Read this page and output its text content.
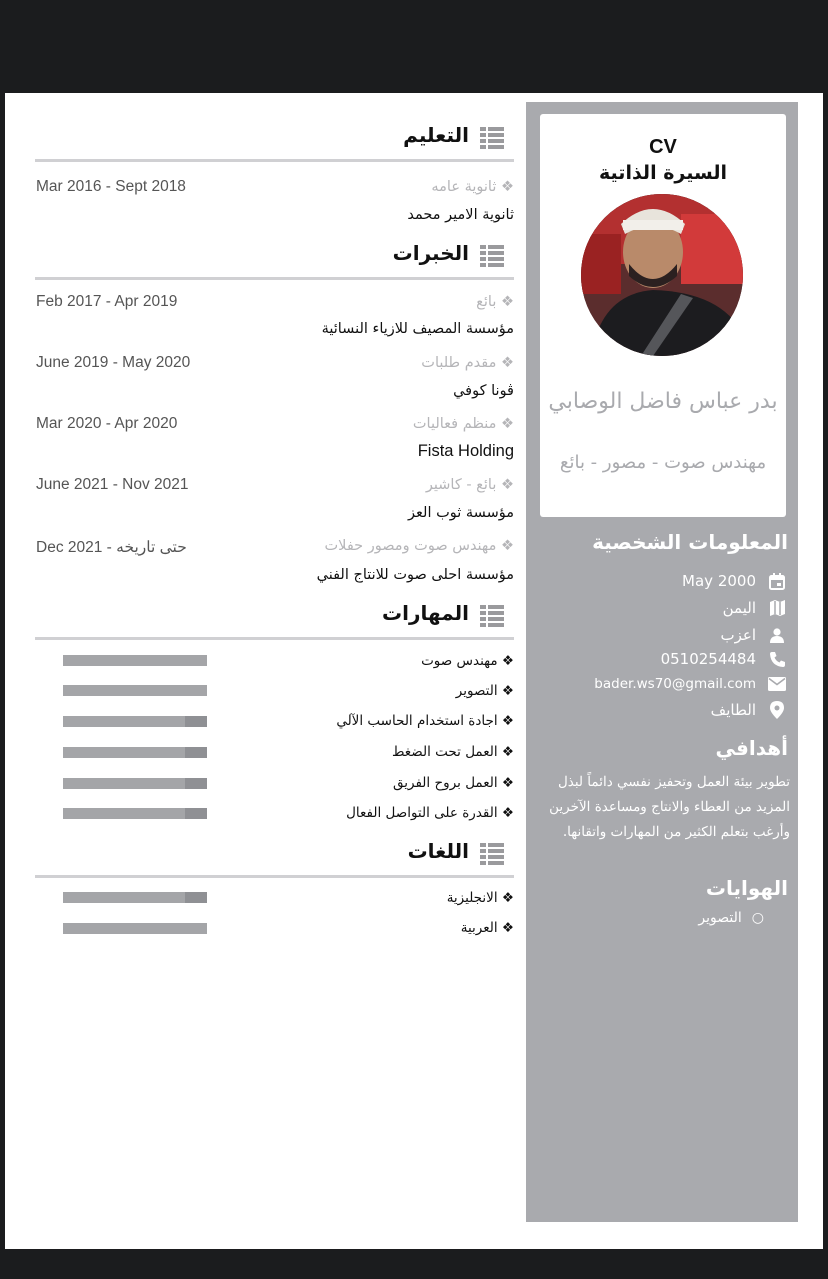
CV
السيرة الذاتية
بدر عباس فاضل الوصابي
مهندس صوت - مصور - بائع
المعلومات الشخصية
May 2000
اليمن
اعزب
0510254484
bader.ws70@gmail.com
الطايف
أهدافي
تطوير بيئة العمل وتحفيز نفسي دائماً لبذل المزيد من العطاء والانتاج ومساعدة الآخرين وأرغب بتعلم الكثير من المهارات واتقانها.
الهوايات
○
التصوير
التعليم
Mar 2016 - Sept 2018	❖ ثانوية عامه
ثانوية الامير محمد
الخبرات
Feb 2017 - Apr 2019	❖ بائع
مؤسسة المصيف للازياء النسائية
June 2019 - May 2020	❖ مقدم طلبات
ڤونا كوفي
Mar 2020 - Apr 2020	❖ منظم فعاليات
Fista Holding
June 2021 - Nov 2021	❖ بائع - كاشير
مؤسسة ثوب العز
Dec 2021 - حتى تاريخه	❖ مهندس صوت ومصور حفلات
مؤسسة احلى صوت للانتاج الفني
المهارات
❖ مهندس صوت
❖ التصوير
❖ اجادة استخدام الحاسب الآلي
❖ العمل تحت الضغط
❖ العمل بروح الفريق
❖ القدرة على التواصل الفعال
اللغات
❖ الانجليزية
❖ العربية
